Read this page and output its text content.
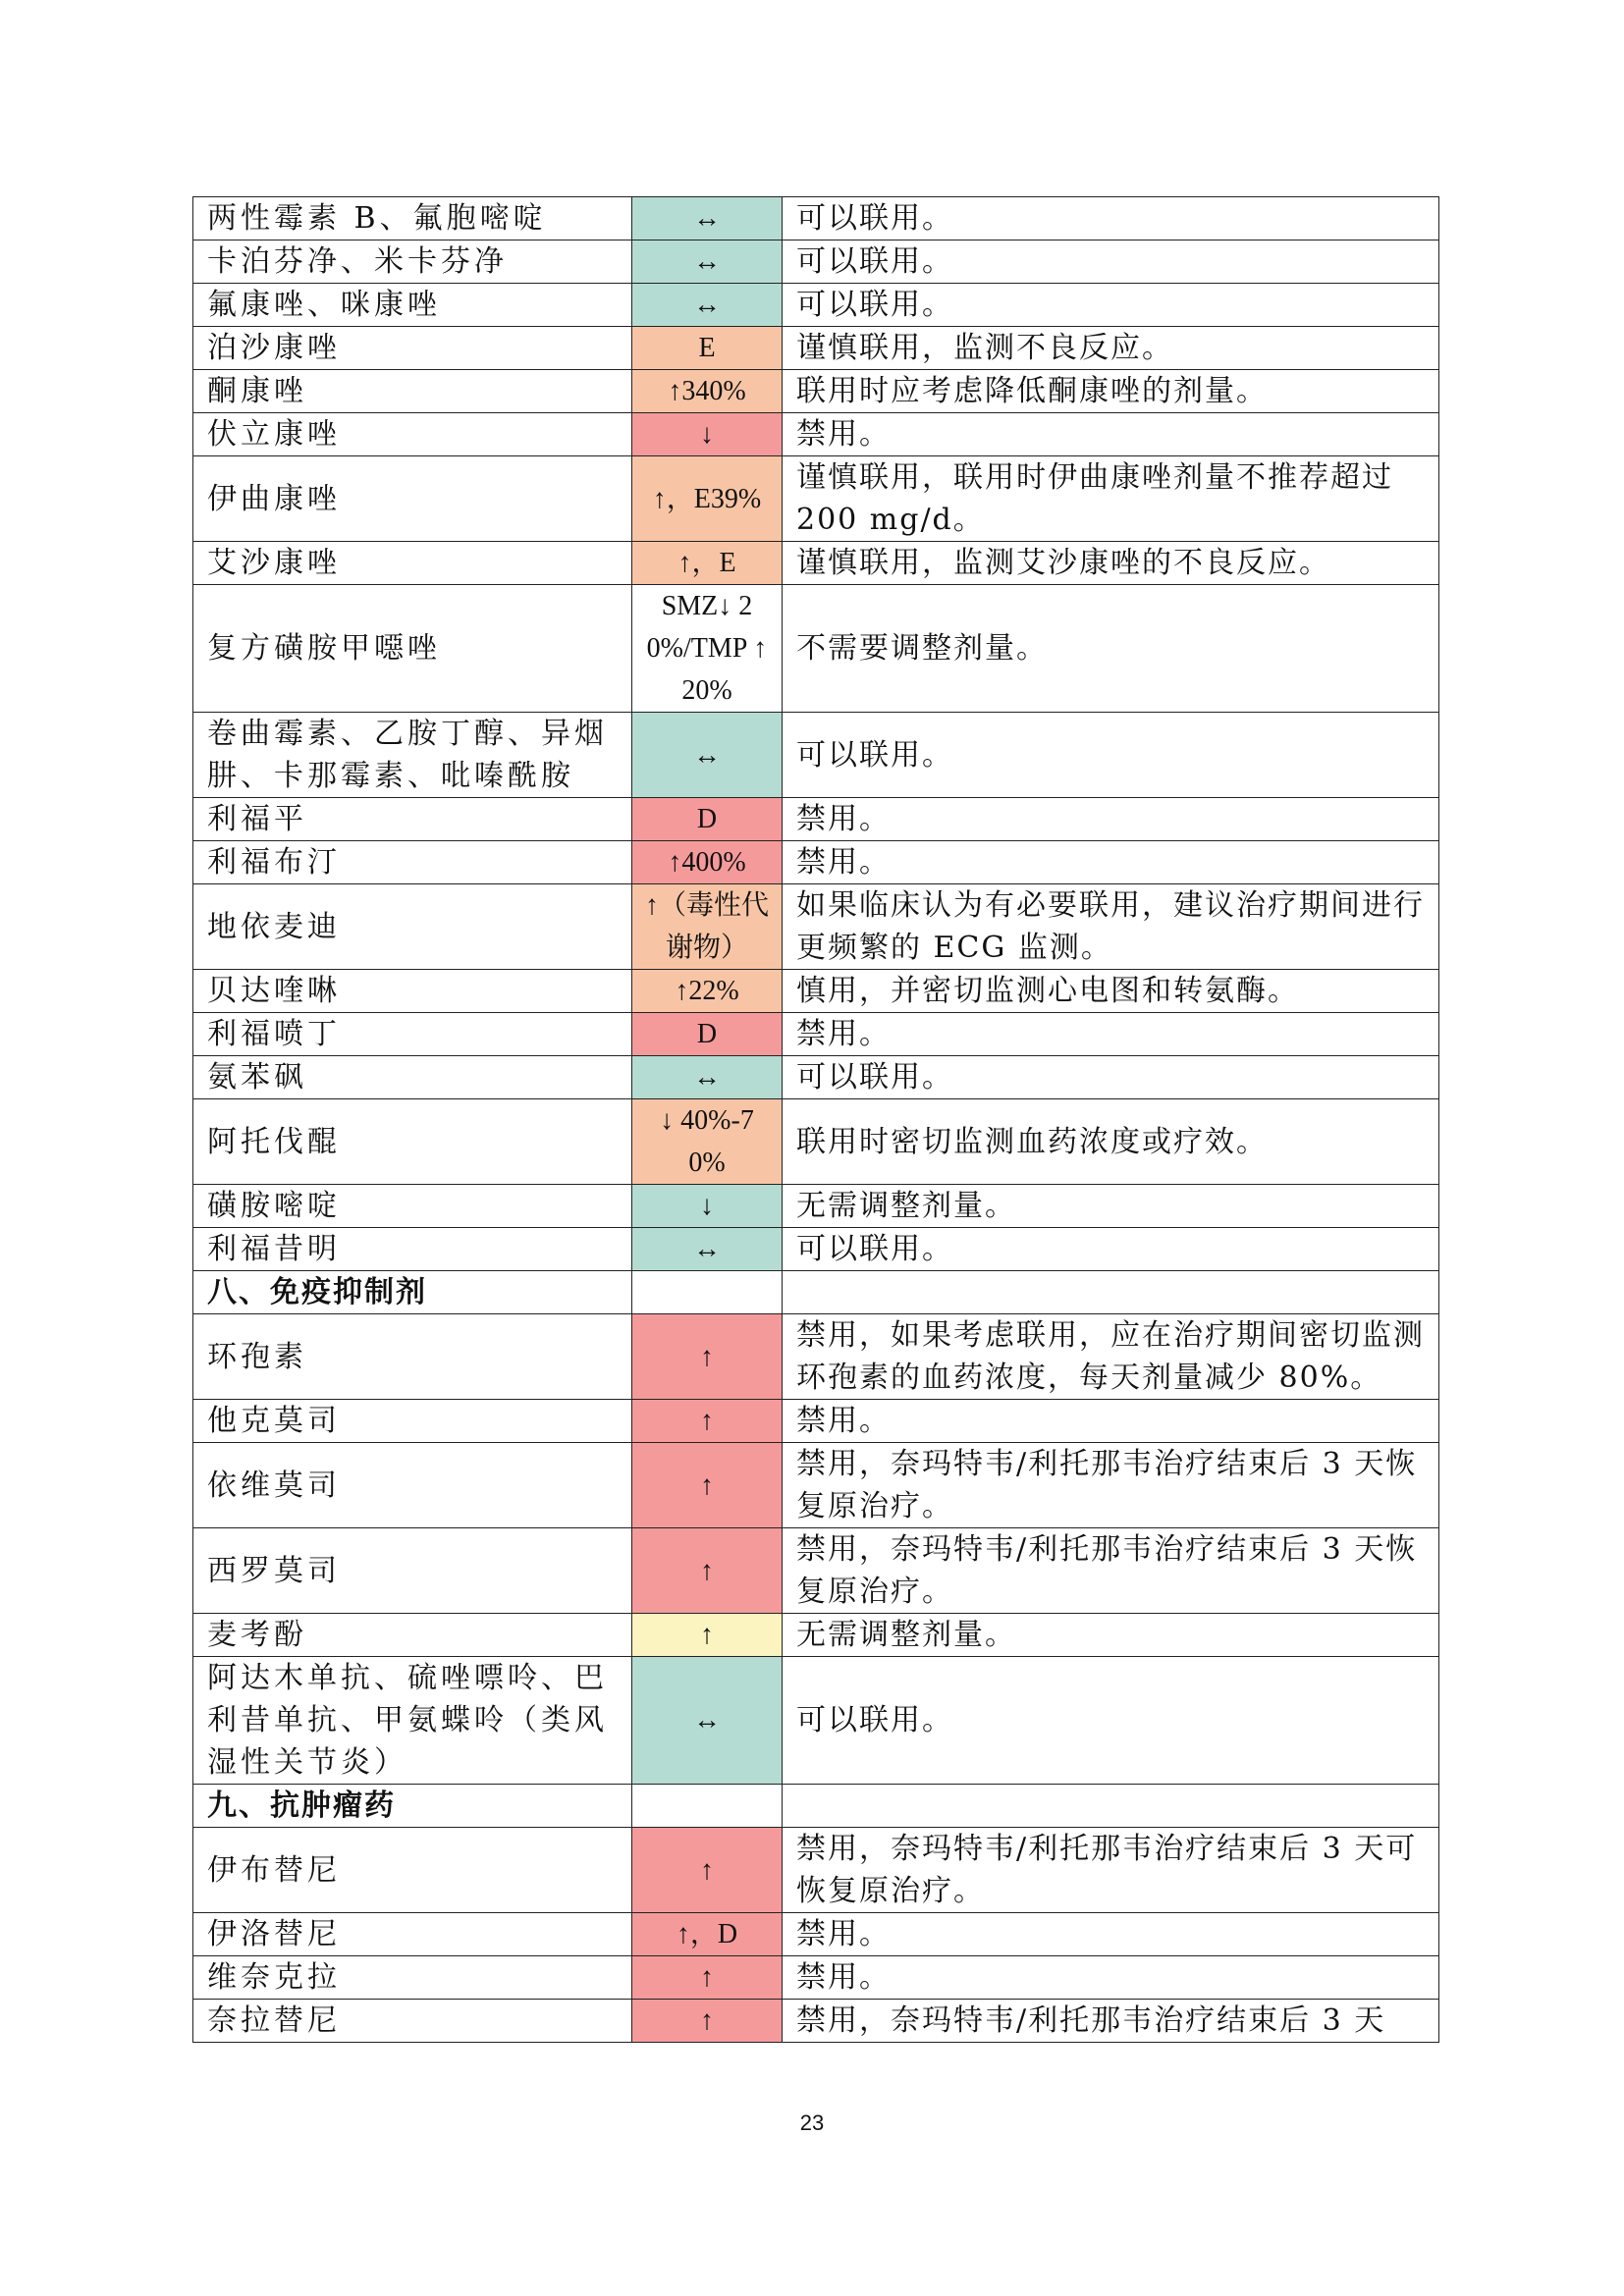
两性霉素 B、氟胞嘧啶	↔	可以联用。
卡泊芬净、米卡芬净	↔	可以联用。
氟康唑、咪康唑	↔	可以联用。
泊沙康唑	E	谨慎联用，监测不良反应。
酮康唑	↑340%	联用时应考虑降低酮康唑的剂量。
伏立康唑	↓	禁用。
伊曲康唑	↑，E39%	谨慎联用，联用时伊曲康唑剂量不推荐超过 200 mg/d。
艾沙康唑	↑，E	谨慎联用，监测艾沙康唑的不良反应。
复方磺胺甲噁唑	SMZ↓ 20%/TMP ↑20%	不需要调整剂量。
卷曲霉素、乙胺丁醇、异烟肼、卡那霉素、吡嗪酰胺	↔	可以联用。
利福平	D	禁用。
利福布汀	↑400%	禁用。
地依麦迪	↑（毒性代谢物）	如果临床认为有必要联用，建议治疗期间进行更频繁的 ECG 监测。
贝达喹啉	↑22%	慎用，并密切监测心电图和转氨酶。
利福喷丁	D	禁用。
氨苯砜	↔	可以联用。
阿托伐醌	↓ 40%-70%	联用时密切监测血药浓度或疗效。
磺胺嘧啶	↓	无需调整剂量。
利福昔明	↔	可以联用。
八、免疫抑制剂		
环孢素	↑	禁用，如果考虑联用，应在治疗期间密切监测环孢素的血药浓度，每天剂量减少 80%。
他克莫司	↑	禁用。
依维莫司	↑	禁用，奈玛特韦/利托那韦治疗结束后 3 天恢复原治疗。
西罗莫司	↑	禁用，奈玛特韦/利托那韦治疗结束后 3 天恢复原治疗。
麦考酚	↑	无需调整剂量。
阿达木单抗、硫唑嘌呤、巴利昔单抗、甲氨蝶呤（类风湿性关节炎）	↔	可以联用。
九、抗肿瘤药		
伊布替尼	↑	禁用，奈玛特韦/利托那韦治疗结束后 3 天可恢复原治疗。
伊洛替尼	↑，D	禁用。
维奈克拉	↑	禁用。
奈拉替尼	↑	禁用，奈玛特韦/利托那韦治疗结束后 3 天
23
